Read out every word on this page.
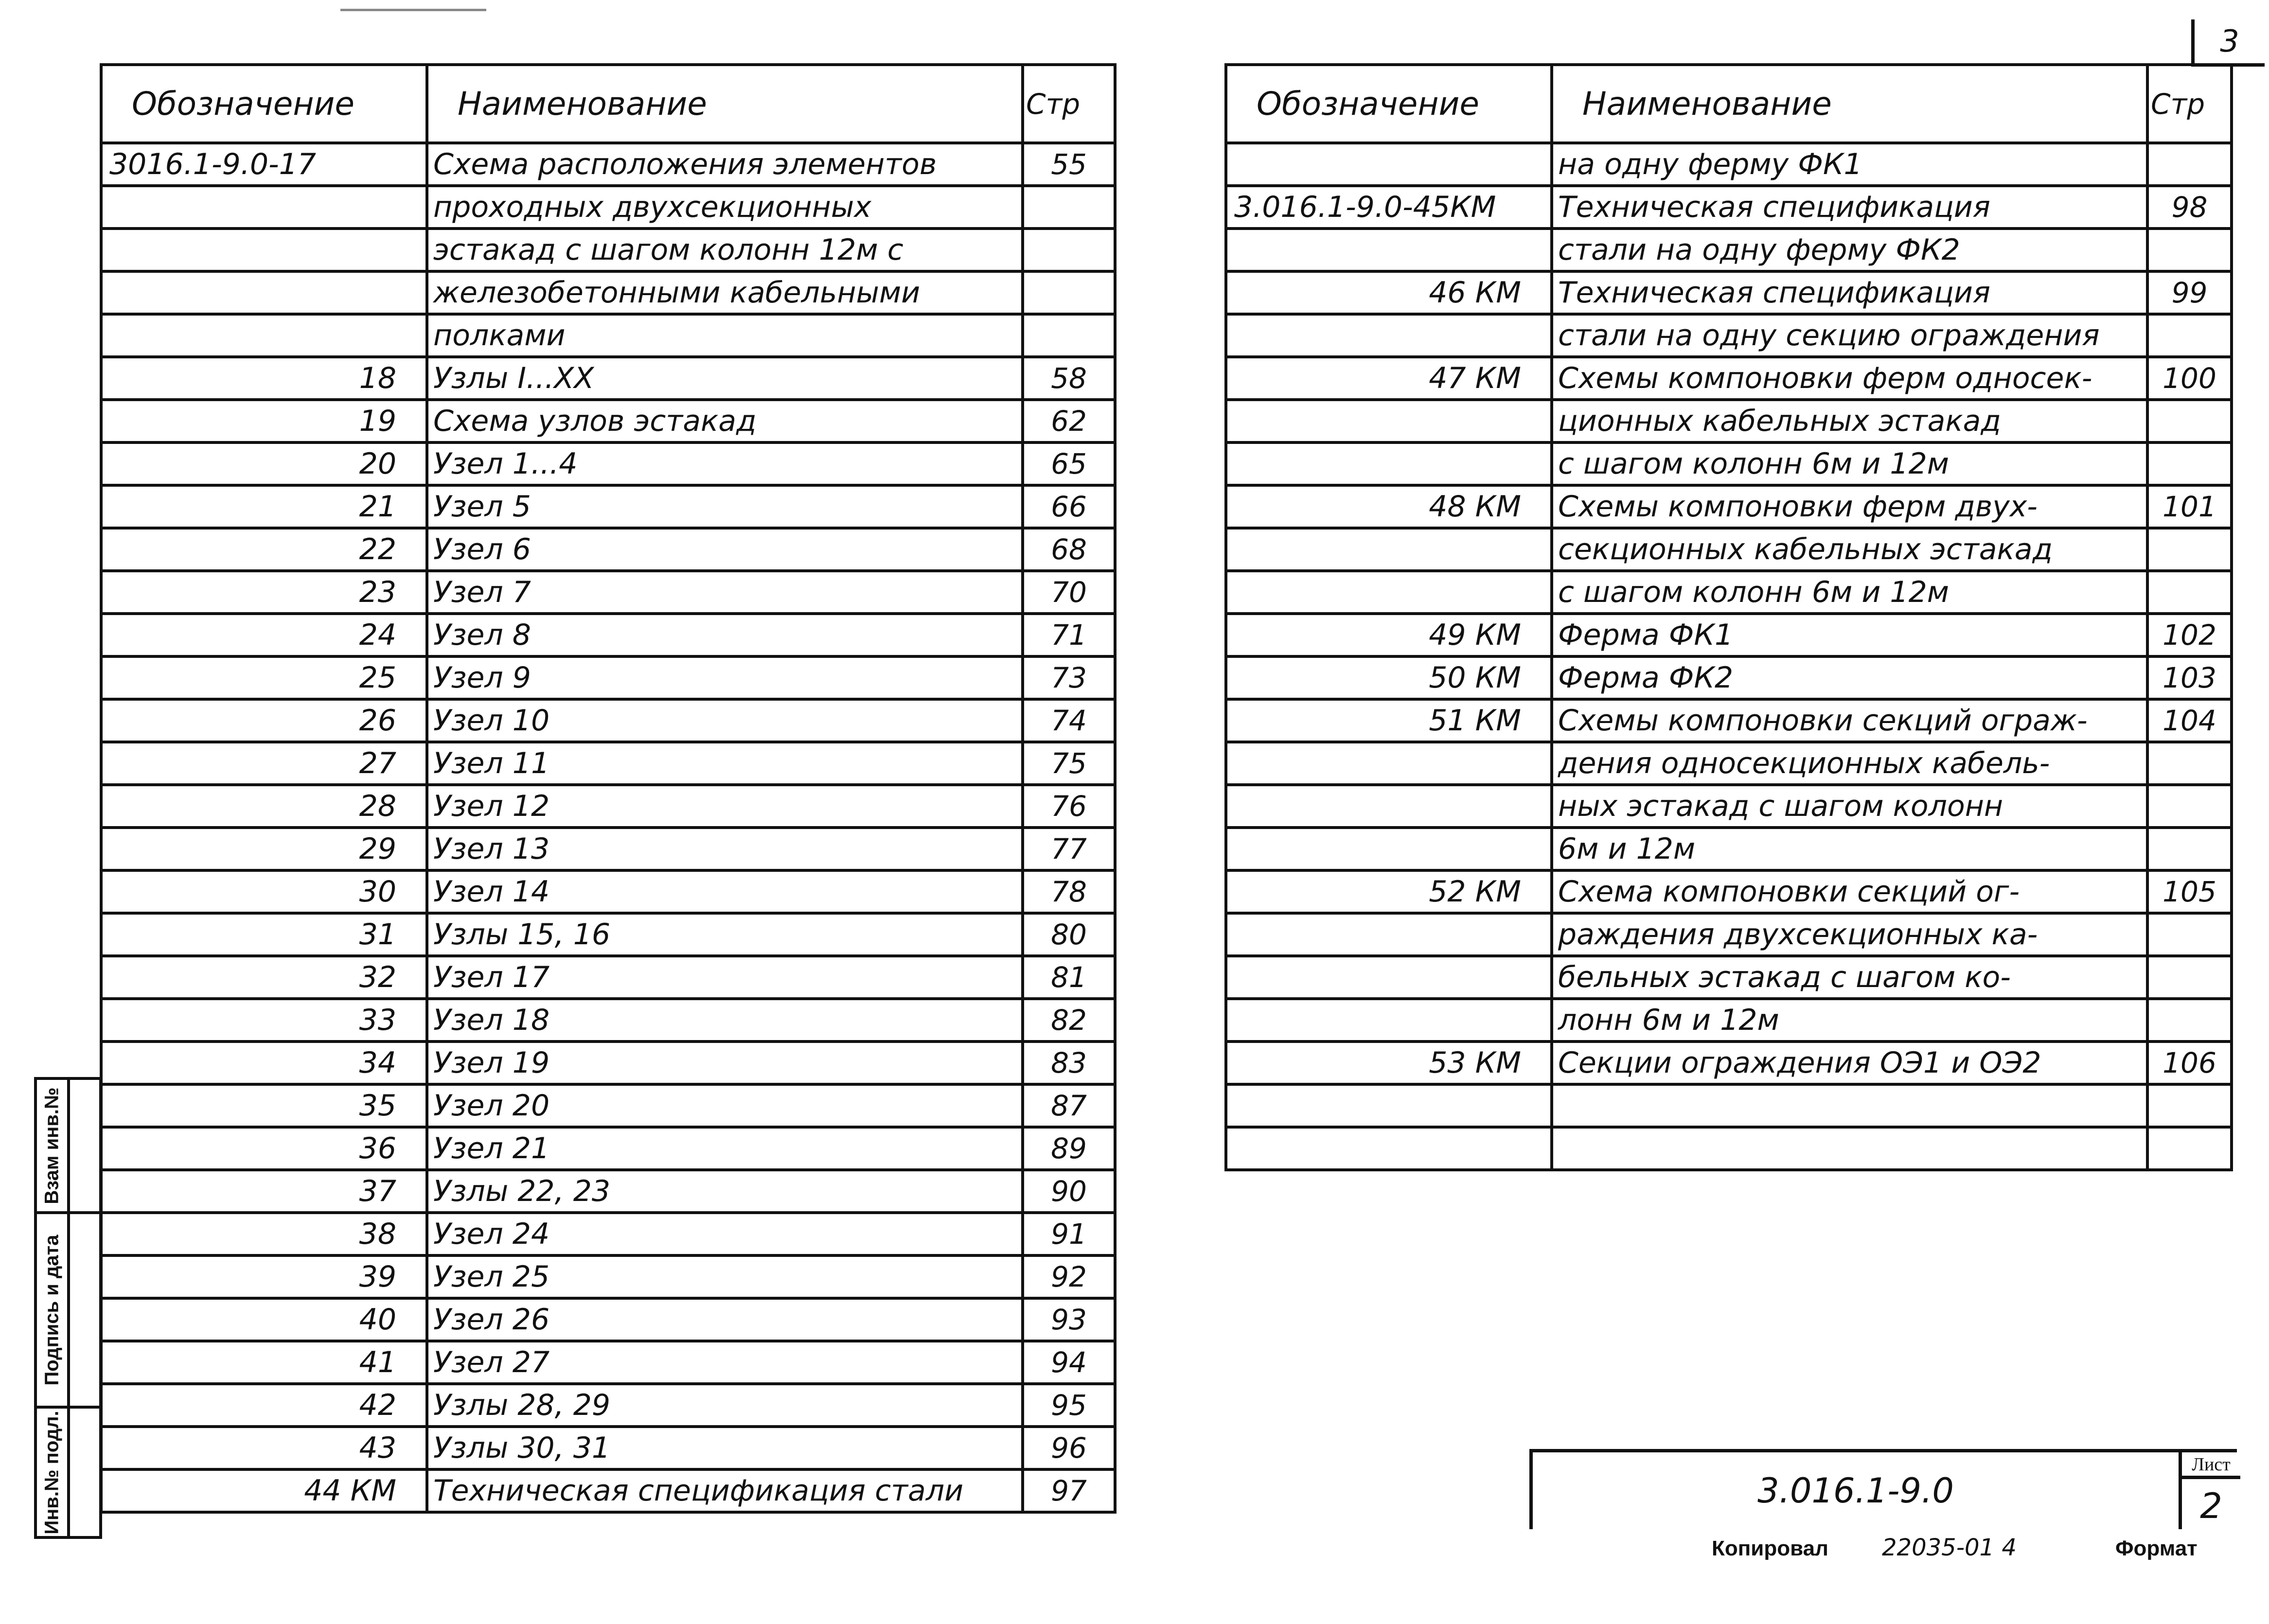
3
Обозначение	Наименование	Стр
3016.1-9.0-17	Схема расположения элементов	55
	проходных двухсекционных	
	эстакад с шагом колонн 12м с	
	железобетонными кабельными	
	полками	
18	Узлы I...XX	58
19	Схема узлов эстакад	62
20	Узел 1...4	65
21	Узел 5	66
22	Узел 6	68
23	Узел 7	70
24	Узел 8	71
25	Узел 9	73
26	Узел 10	74
27	Узел 11	75
28	Узел 12	76
29	Узел 13	77
30	Узел 14	78
31	Узлы 15, 16	80
32	Узел 17	81
33	Узел 18	82
34	Узел 19	83
35	Узел 20	87
36	Узел 21	89
37	Узлы 22, 23	90
38	Узел 24	91
39	Узел 25	92
40	Узел 26	93
41	Узел 27	94
42	Узлы 28, 29	95
43	Узлы 30, 31	96
44 КМ	Техническая спецификация стали	97
Обозначение	Наименование	Стр
	на одну ферму ФК1	
3.016.1-9.0-45КМ	Техническая спецификация	98
	стали на одну ферму ФК2	
46 КМ	Техническая спецификация	99
	стали на одну секцию ограждения	
47 КМ	Схемы компоновки ферм односек-	100
	ционных кабельных эстакад	
	с шагом колонн 6м и 12м	
48 КМ	Схемы компоновки ферм двух-	101
	секционных кабельных эстакад	
	с шагом колонн 6м и 12м	
49 КМ	Ферма ФК1	102
50 КМ	Ферма ФК2	103
51 КМ	Схемы компоновки секций ограж-	104
	дения односекционных кабель-	
	ных эстакад с шагом колонн	
	6м и 12м	
52 КМ	Схема компоновки секций ог-	105
	раждения двухсекционных ка-	
	бельных эстакад с шагом ко-	
	лонн 6м и 12м	
53 КМ	Секции ограждения ОЭ1 и ОЭ2	106

Взам инв.№
Подпись и дата
Инв.№ подл.	3.016.1-9.0
Лист
2
Копировал 22035-01 4	Формат
